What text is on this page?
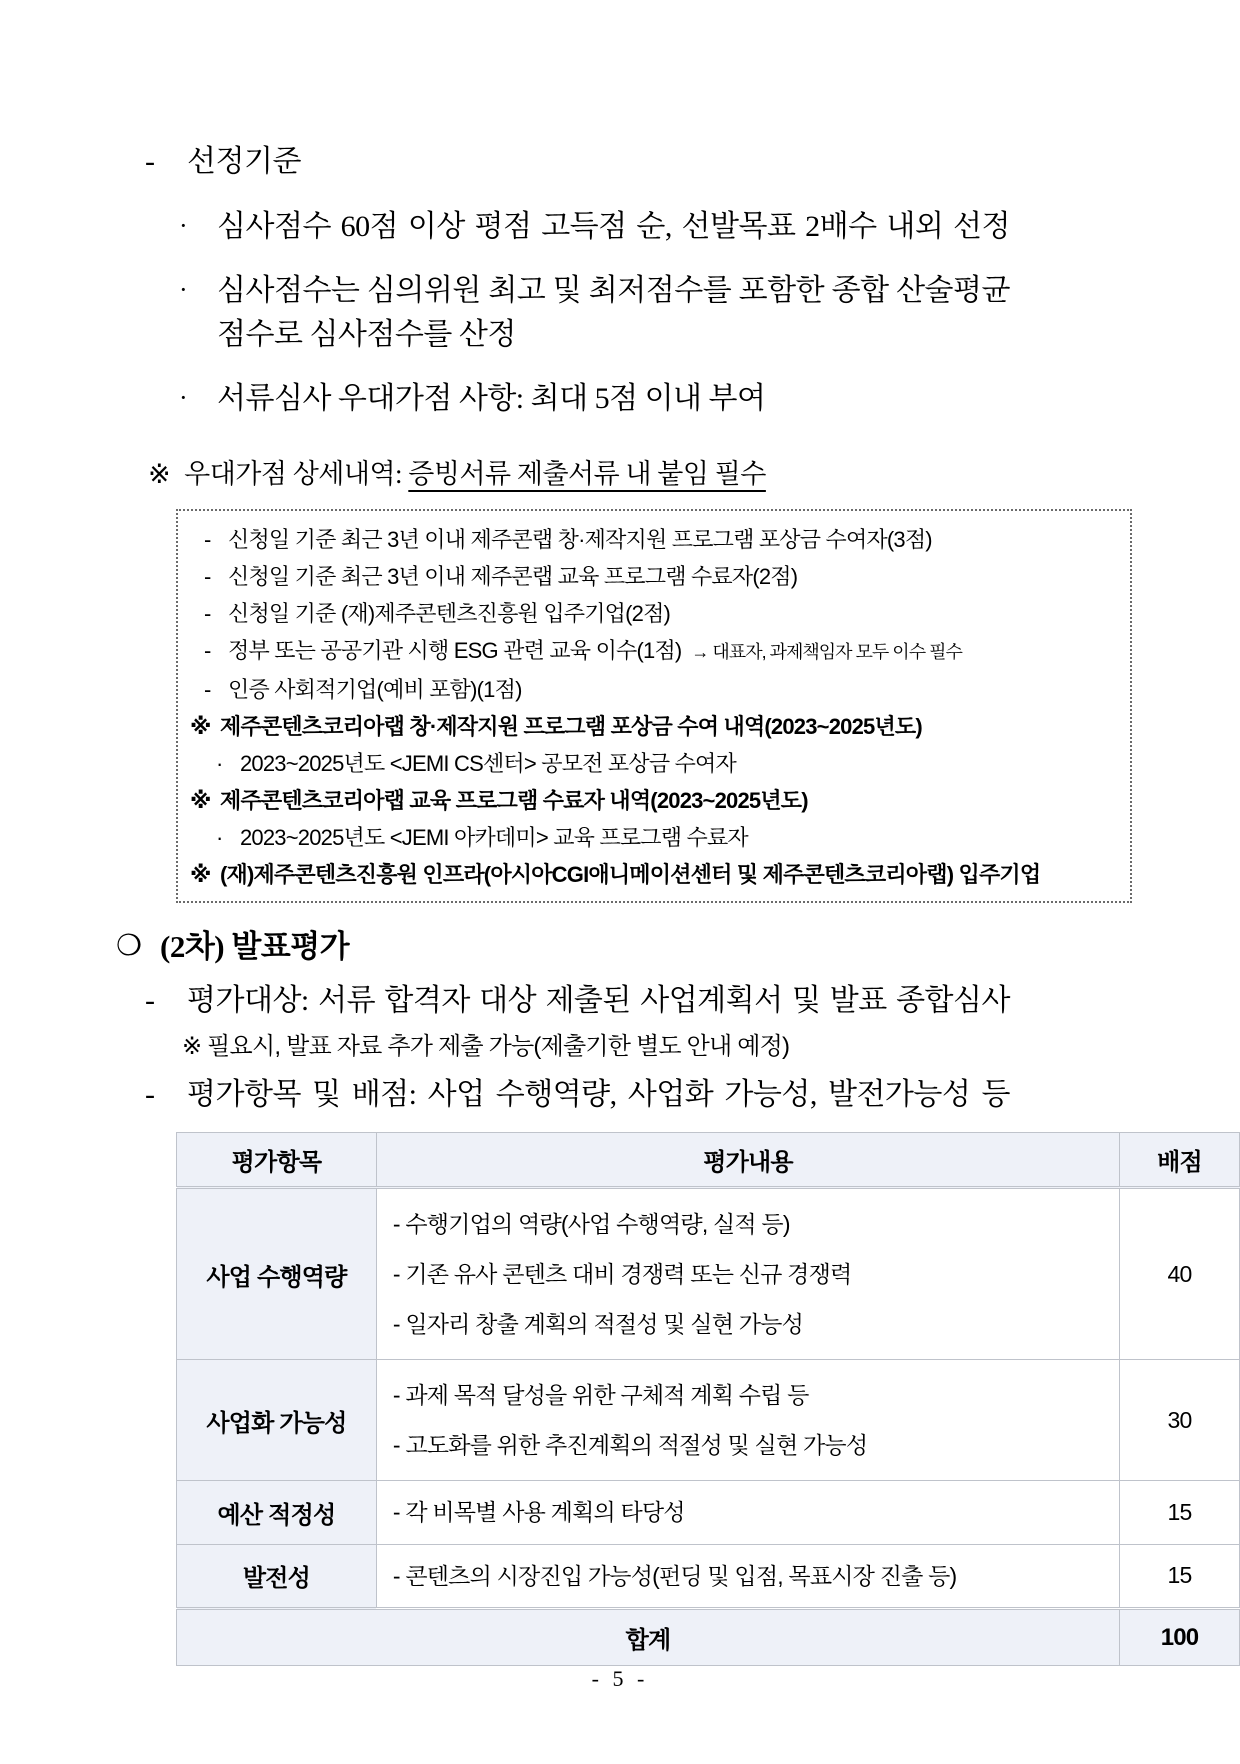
-	선정기준
· 심사점수 60점 이상 평점 고득점 순, 선발목표 2배수 내외 선정
· 심사점수는 심의위원 최고 및 최저점수를 포함한 종합 산술평균
점수로 심사점수를 산정
· 서류심사 우대가점 사항: 최대 5점 이내 부여
※ 우대가점 상세내역: 증빙서류 제출서류 내 붙임 필수
- 신청일 기준 최근 3년 이내 제주콘랩 창·제작지원 프로그램 포상금 수여자(3점)
- 신청일 기준 최근 3년 이내 제주콘랩 교육 프로그램 수료자(2점)
- 신청일 기준 (재)제주콘텐츠진흥원 입주기업(2점)
- 정부 또는 공공기관 시행 ESG 관련 교육 이수(1점) → 대표자, 과제책임자 모두 이수 필수
- 인증 사회적기업(예비 포함)(1점)
※ 제주콘텐츠코리아랩 창·제작지원 프로그램 포상금 수여 내역(2023~2025년도)
· 2023~2025년도 <JEMI CS센터> 공모전 포상금 수여자
※ 제주콘텐츠코리아랩 교육 프로그램 수료자 내역(2023~2025년도)
· 2023~2025년도 <JEMI 아카데미> 교육 프로그램 수료자
※ (재)제주콘텐츠진흥원 인프라(아시아CGI애니메이션센터 및 제주콘텐츠코리아랩) 입주기업
❍ (2차) 발표평가
-	평가대상: 서류 합격자 대상 제출된 사업계획서 및 발표 종합심사
※ 필요시, 발표 자료 추가 제출 가능(제출기한 별도 안내 예정)
-	평가항목 및 배점: 사업 수행역량, 사업화 가능성, 발전가능성 등
평가항목	평가내용	배점
사업 수행역량	- 수행기업의 역량(사업 수행역량, 실적 등)
- 기존 유사 콘텐츠 대비 경쟁력 또는 신규 경쟁력
- 일자리 창출 계획의 적절성 및 실현 가능성	40
사업화 가능성	- 과제 목적 달성을 위한 구체적 계획 수립 등
- 고도화를 위한 추진계획의 적절성 및 실현 가능성	30
예산 적정성	- 각 비목별 사용 계획의 타당성	15
발전성	- 콘텐츠의 시장진입 가능성(펀딩 및 입점, 목표시장 진출 등)	15
합계		100
- 5 -
